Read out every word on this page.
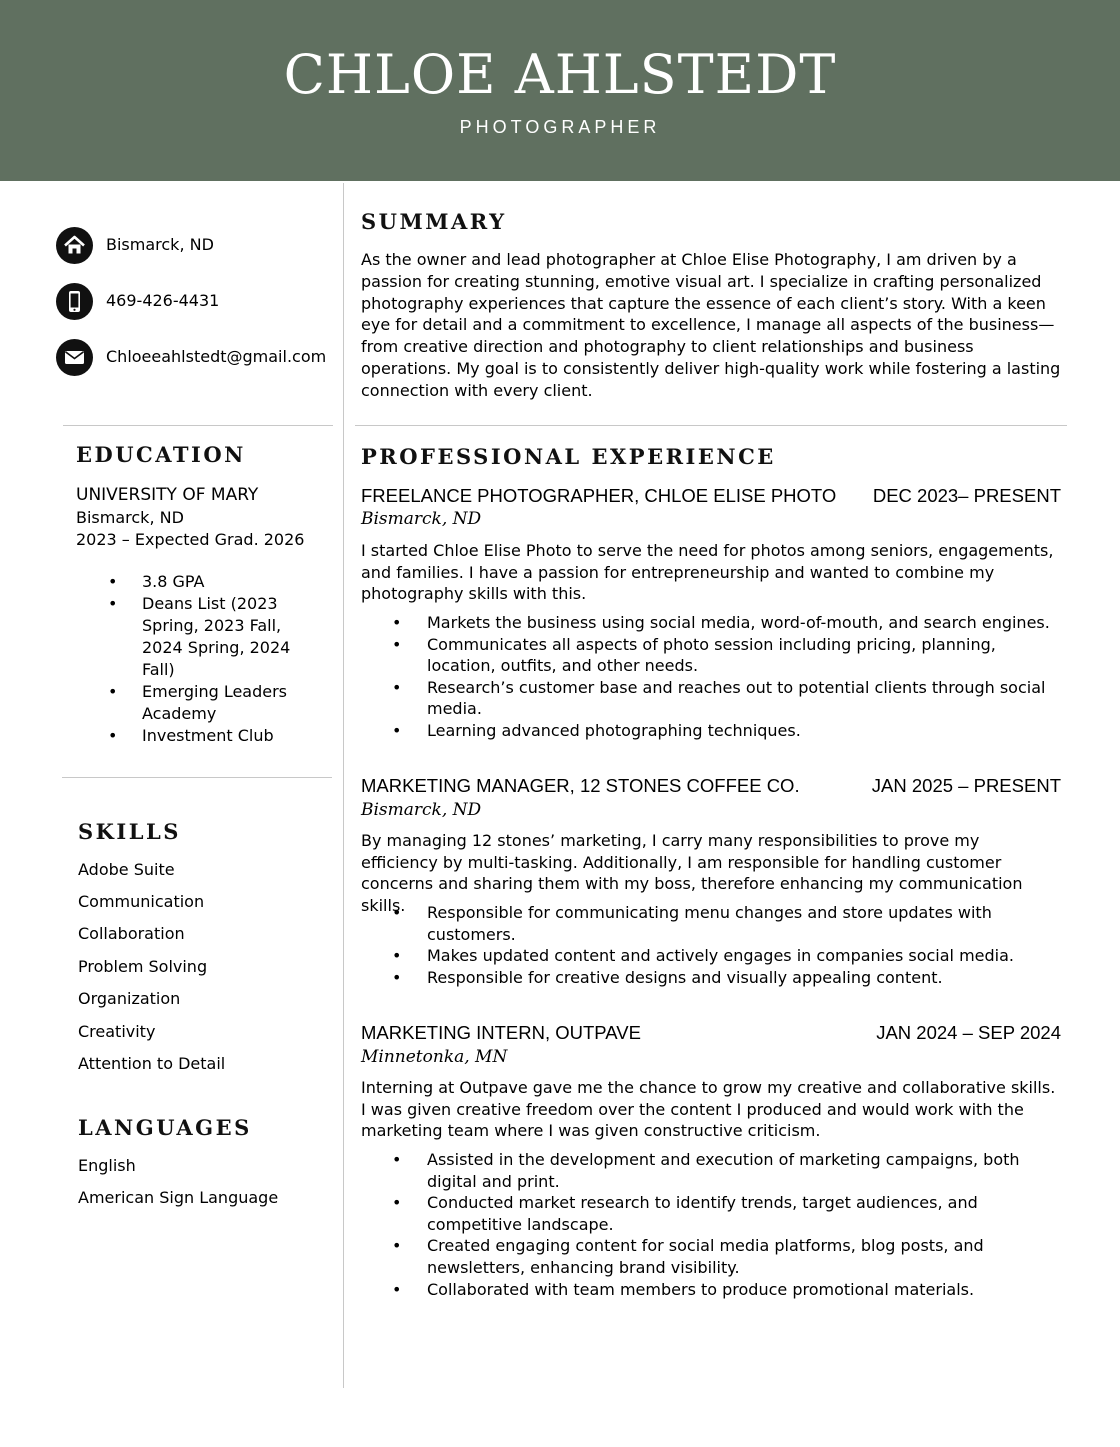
CHLOE AHLSTEDT
PHOTOGRAPHER
Bismarck, ND
469-426-4431
Chloeeahlstedt@gmail.com
EDUCATION
UNIVERSITY OF MARY
Bismarck, ND
2023 – Expected Grad. 2026
• 3.8 GPA
• Deans List (2023 Spring, 2023 Fall, 2024 Spring, 2024 Fall)
• Emerging Leaders Academy
• Investment Club
SKILLS
Adobe Suite
Communication
Collaboration
Problem Solving
Organization
Creativity
Attention to Detail
LANGUAGES
English
American Sign Language
SUMMARY
As the owner and lead photographer at Chloe Elise Photography, I am driven by a passion for creating stunning, emotive visual art. I specialize in crafting personalized photography experiences that capture the essence of each client’s story. With a keen eye for detail and a commitment to excellence, I manage all aspects of the business—from creative direction and photography to client relationships and business operations. My goal is to consistently deliver high-quality work while fostering a lasting connection with every client.
PROFESSIONAL EXPERIENCE
FREELANCE PHOTOGRAPHER, CHLOE ELISE PHOTO DEC 2023– PRESENT
Bismarck, ND
I started Chloe Elise Photo to serve the need for photos among seniors, engagements, and families. I have a passion for entrepreneurship and wanted to combine my photography skills with this.
• Markets the business using social media, word-of-mouth, and search engines.
• Communicates all aspects of photo session including pricing, planning, location, outfits, and other needs.
• Research’s customer base and reaches out to potential clients through social media.
• Learning advanced photographing techniques.
MARKETING MANAGER, 12 STONES COFFEE CO.	JAN 2025 – PRESENT
Bismarck, ND
By managing 12 stones’ marketing, I carry many responsibilities to prove my efficiency by multi-tasking. Additionally, I am responsible for handling customer concerns and sharing them with my boss, therefore enhancing my communication skills.
•	Responsible for communicating menu changes and store updates with customers.
• Makes updated content and actively engages in companies social media.
• Responsible for creative designs and visually appealing content.
MARKETING INTERN, OUTPAVE	JAN 2024 – SEP 2024
Minnetonka, MN
Interning at Outpave gave me the chance to grow my creative and collaborative skills. I was given creative freedom over the content I produced and would work with the marketing team where I was given constructive criticism.
• Assisted in the development and execution of marketing campaigns, both digital and print.
• Conducted market research to identify trends, target audiences, and competitive landscape.
• Created engaging content for social media platforms, blog posts, and newsletters, enhancing brand visibility.
• Collaborated with team members to produce promotional materials.
